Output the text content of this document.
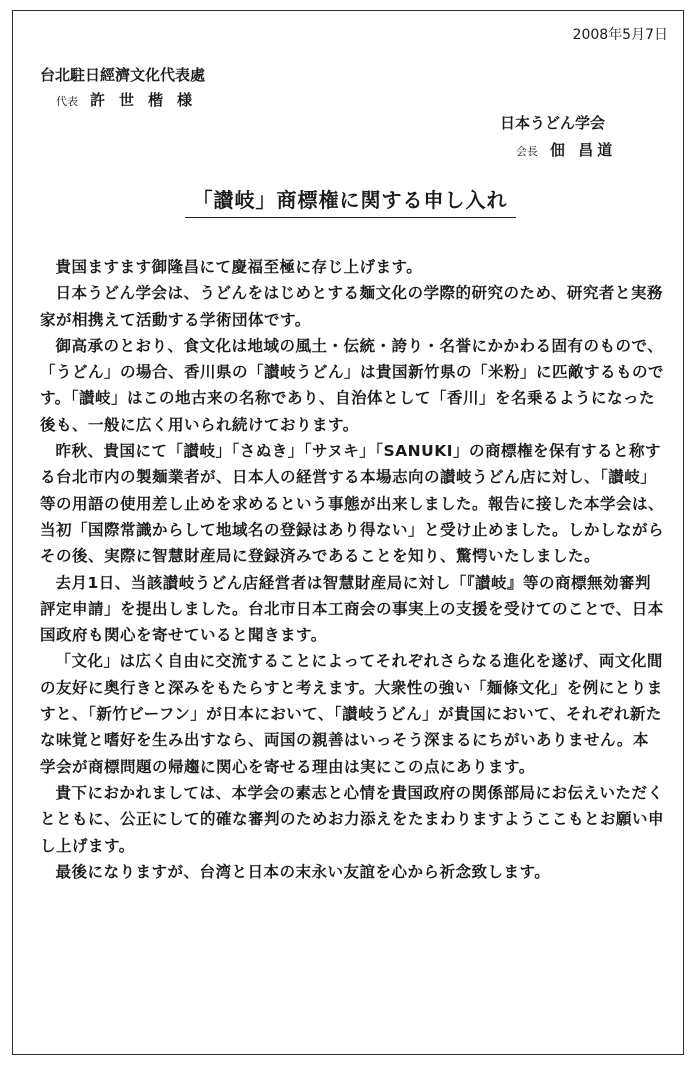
2008年5月7日
台北駐日經濟文化代表處
代表 許世楷様
日本うどん学会
会長 佃 昌道
「讃岐」商標権に関する申し入れ

貴国ますます御隆昌にて慶福至極に存じ上げます。

日本うどん学会は、うどんをはじめとする麺文化の学際的研究のため、研究者と実務家が相携えて活動する学術団体です。

御高承のとおり、食文化は地域の風土・伝統・誇り・名誉にかかわる固有のもので、「うどん」の場合、香川県の「讃岐うどん」は貴国新竹県の「米粉」に匹敵するものです。「讃岐」はこの地古来の名称であり、自治体として「香川」を名乗るようになった後も、一般に広く用いられ続けております。

昨秋、貴国にて「讃岐」「さぬき」「サヌキ」「SANUKI」の商標権を保有すると称する台北市内の製麺業者が、日本人の経営する本場志向の讃岐うどん店に対し、「讃岐」等の用語の使用差し止めを求めるという事態が出来しました。報告に接した本学会は、当初「国際常識からして地域名の登録はあり得ない」と受け止めました。しかしながらその後、実際に智慧財産局に登録済みであることを知り、驚愕いたしました。

去月1日、当該讃岐うどん店経営者は智慧財産局に対し「『讃岐』等の商標無効審判評定申請」を提出しました。台北市日本工商会の事実上の支援を受けてのことで、日本国政府も関心を寄せていると聞きます。

「文化」は広く自由に交流することによってそれぞれさらなる進化を遂げ、両文化間の友好に奥行きと深みをもたらすと考えます。大衆性の強い「麺條文化」を例にとりますと、「新竹ビーフン」が日本において、「讃岐うどん」が貴国において、それぞれ新たな味覚と嗜好を生み出すなら、両国の親善はいっそう深まるにちがいありません。本学会が商標問題の帰趨に関心を寄せる理由は実にこの点にあります。

貴下におかれましては、本学会の素志と心情を貴国政府の関係部局にお伝えいただくとともに、公正にして的確な審判のためお力添えをたまわりますようここもとお願い申し上げます。

最後になりますが、台湾と日本の末永い友誼を心から祈念致します。
